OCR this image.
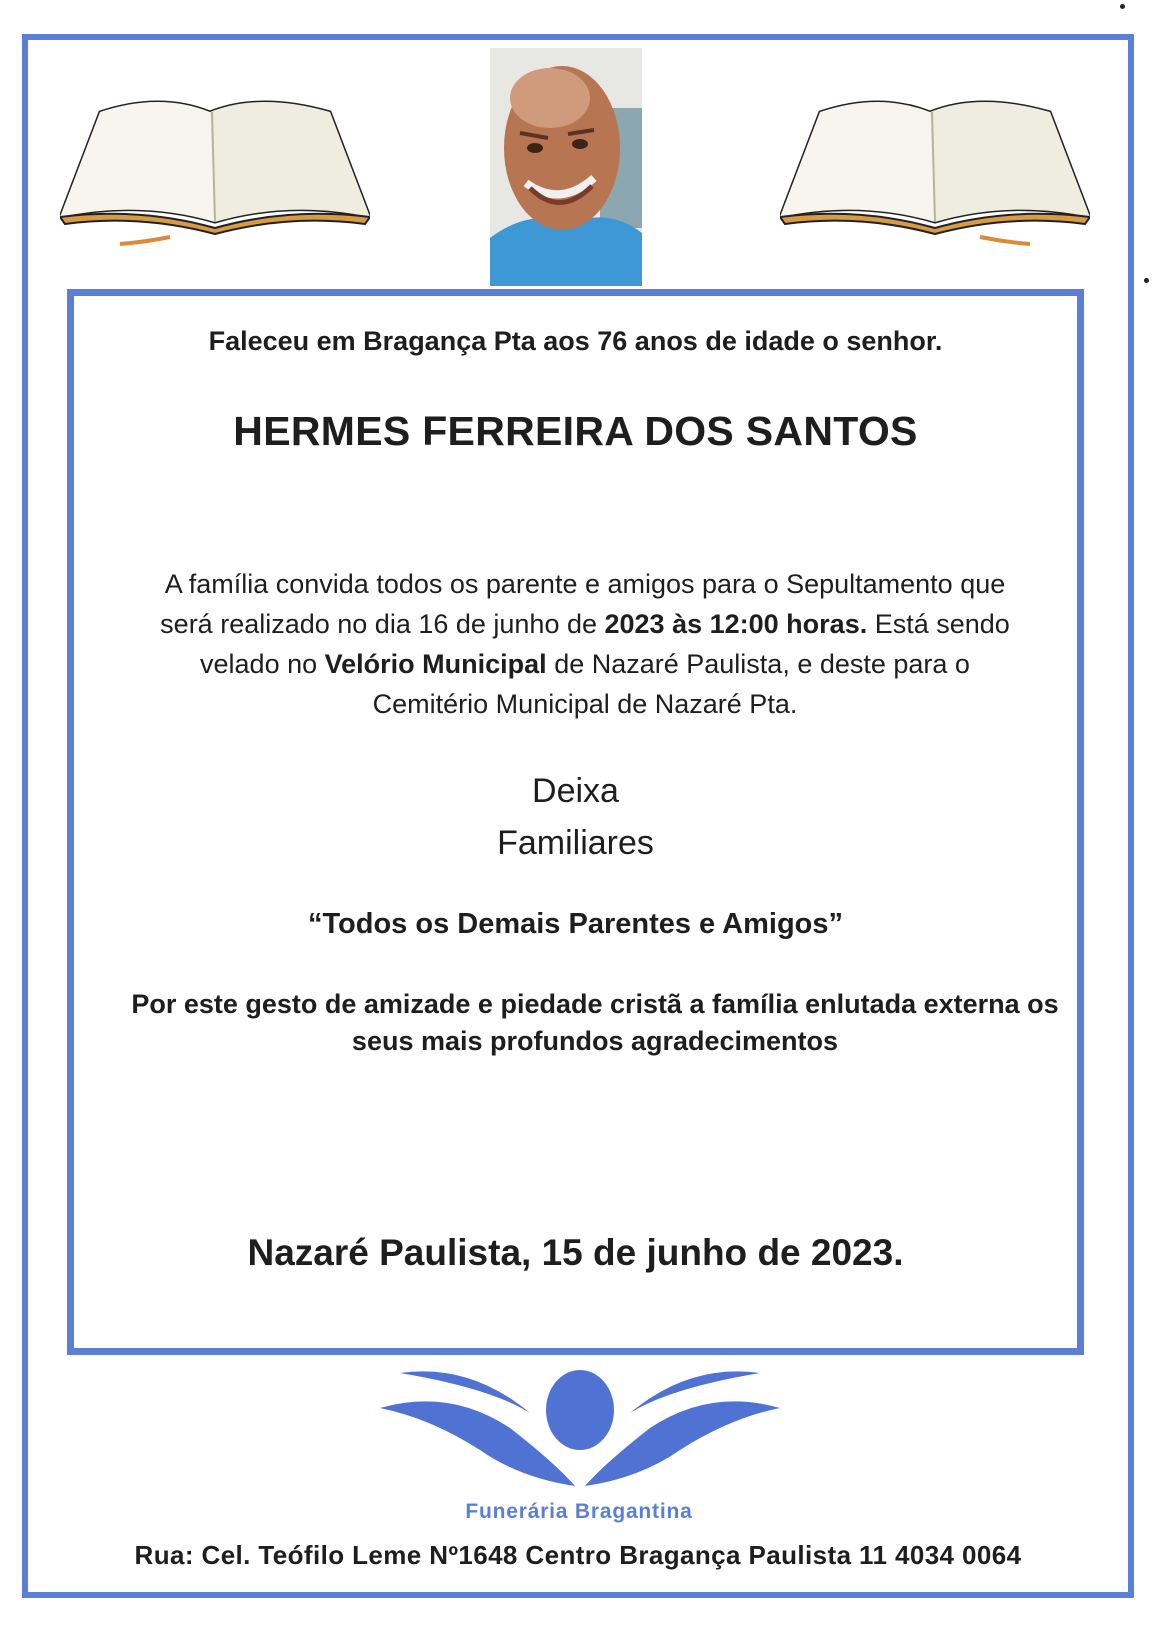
Faleceu em Bragança Pta aos 76 anos de idade o senhor.
HERMES FERREIRA DOS SANTOS
A família convida todos os parente e amigos para o Sepultamento que será realizado no dia 16 de junho de 2023 às 12:00 horas. Está sendo velado no Velório Municipal de Nazaré Paulista, e deste para o Cemitério Municipal de Nazaré Pta.
Deixa
Familiares
“Todos os Demais Parentes e Amigos”
Por este gesto de amizade e piedade cristã a família enlutada externa os seus mais profundos agradecimentos
Nazaré Paulista, 15 de junho de 2023.
Funerária Bragantina
Rua: Cel. Teófilo Leme Nº1648 Centro Bragança Paulista 11 4034 0064
